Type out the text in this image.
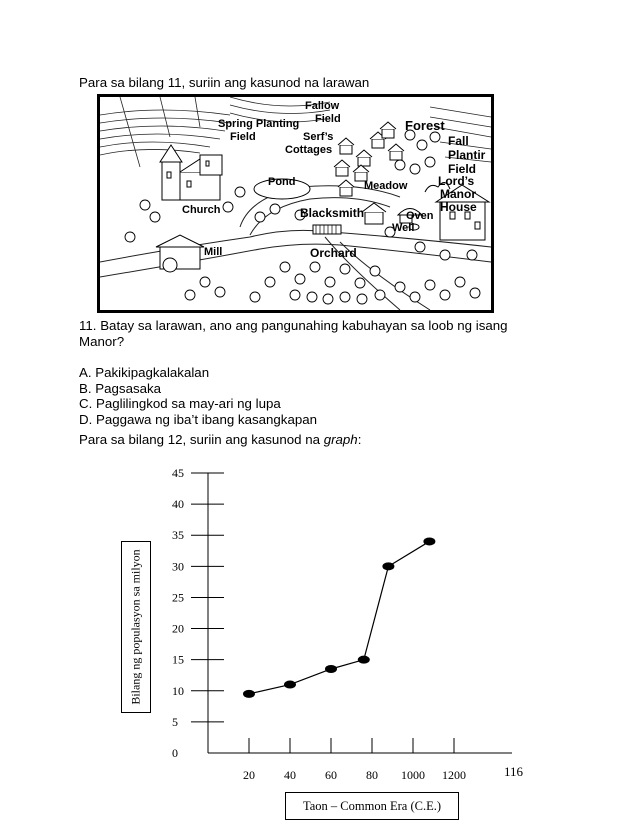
Para sa bilang 11, suriin ang kasunod na larawan
Fallow
Field
Spring Planting
Field	Serf’s
Cottages
Forest
Fall
Plantir
Field
Pond	Meadow	Lord’s
Manor
House
Church	Blacksmith	Oven
Well
Mill	Orchard
11. Batay sa larawan, ano ang pangunahing kabuhayan sa loob ng isang
Manor?
A. Pakikipagkalakalan
B. Pagsasaka
C. Paglilingkod sa may-ari ng lupa
D. Paggawa ng iba’t ibang kasangkapan
Para sa bilang 12, suriin ang kasunod na graph:
0
5
10
15
20
25
30
35
40
45
20 40 60 80 1000 1200
Bilang ng populasyon sa milyon
Taon – Common Era (C.E.)
116
